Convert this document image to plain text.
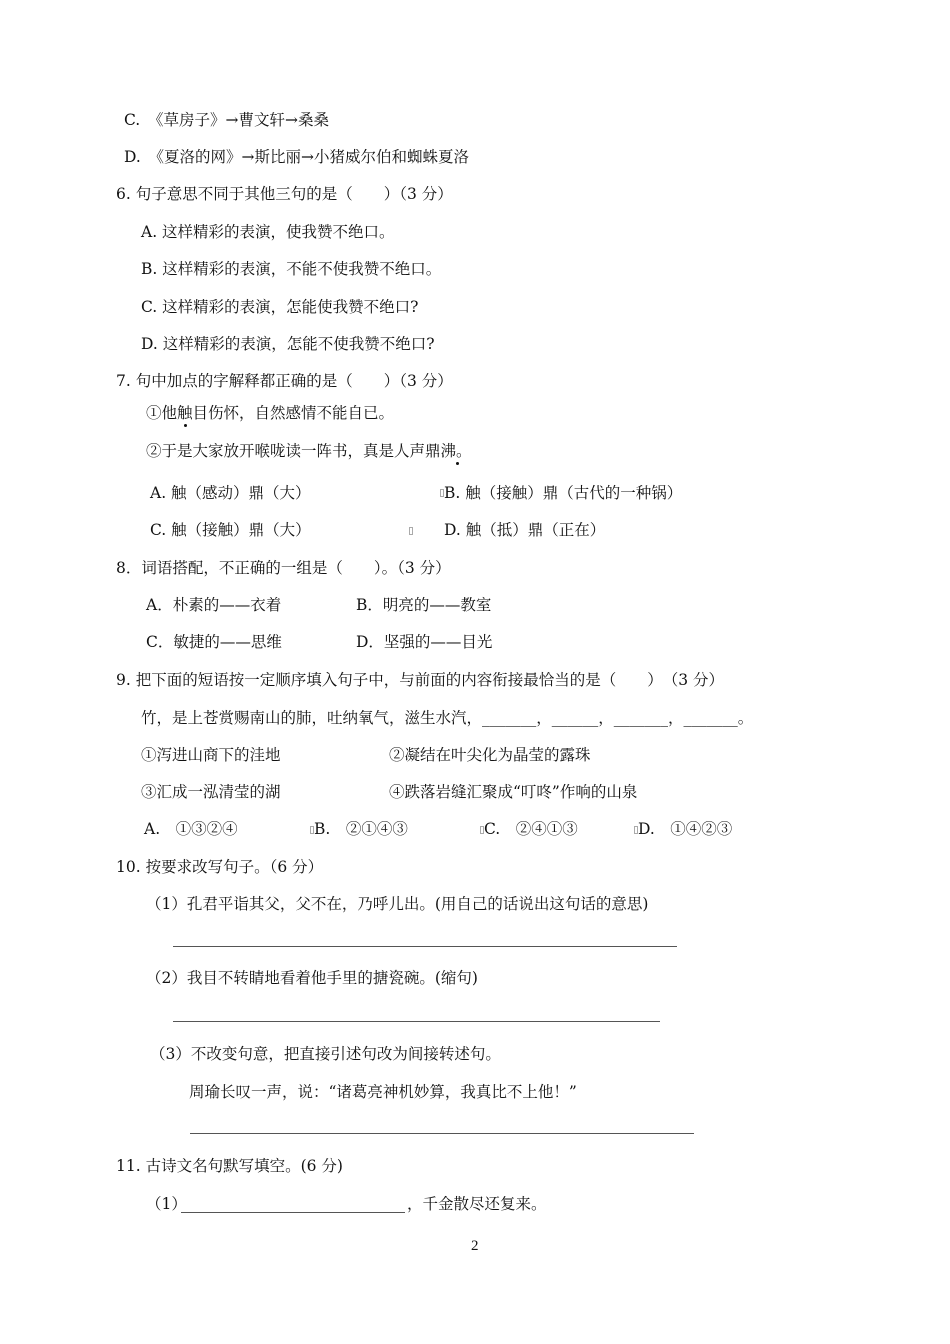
C.　《草房子》→曹文轩→桑桑
D.　《夏洛的网》→斯比丽→小猪威尔伯和蜘蛛夏洛
6. 句子意思不同于其他三句的是（　　）（3 分）
A. 这样精彩的表演，使我赞不绝口。
B. 这样精彩的表演，不能不使我赞不绝口。
C. 这样精彩的表演，怎能使我赞不绝口?
D. 这样精彩的表演，怎能不使我赞不绝口?
7. 句中加点的字解释都正确的是（　　）（3 分）
①他触目伤怀，自然感情不能自已。
②于是大家放开喉咙读一阵书，真是人声鼎沸。
A. 触（感动）鼎（大）	B. 触（接触）鼎（古代的一种锅）
C. 触（接触）鼎（大）	D. 触（抵）鼎（正在）
8．词语搭配，不正确的一组是（　　）。（3 分）
A．朴素的——衣着	B．明亮的——教室
C．敏捷的——思维	D．坚强的——目光
9. 把下面的短语按一定顺序填入句子中，与前面的内容衔接最恰当的是（　　）　（3 分）
竹，是上苍赏赐南山的肺，吐纳氧气，滋生水汽，_______，______，_______，_______。
①泻进山商下的洼地	②凝结在叶尖化为晶莹的露珠
③汇成一泓清莹的湖	④跌落岩缝汇聚成“叮咚”作响的山泉
A.　①③②④	B.　②①④③	C.　②④①③	D.　①④②③
10. 按要求改写句子。（6 分）
（1）孔君平诣其父，父不在，乃呼儿出。(用自己的话说出这句话的意思)
（2）我目不转睛地看着他手里的搪瓷碗。(缩句)
（3）不改变句意，把直接引述句改为间接转述句。
周瑜长叹一声，说：“诸葛亮神机妙算，我真比不上他！”
11. 古诗文名句默写填空。(6 分)
（1）	，千金散尽还复来。
2
